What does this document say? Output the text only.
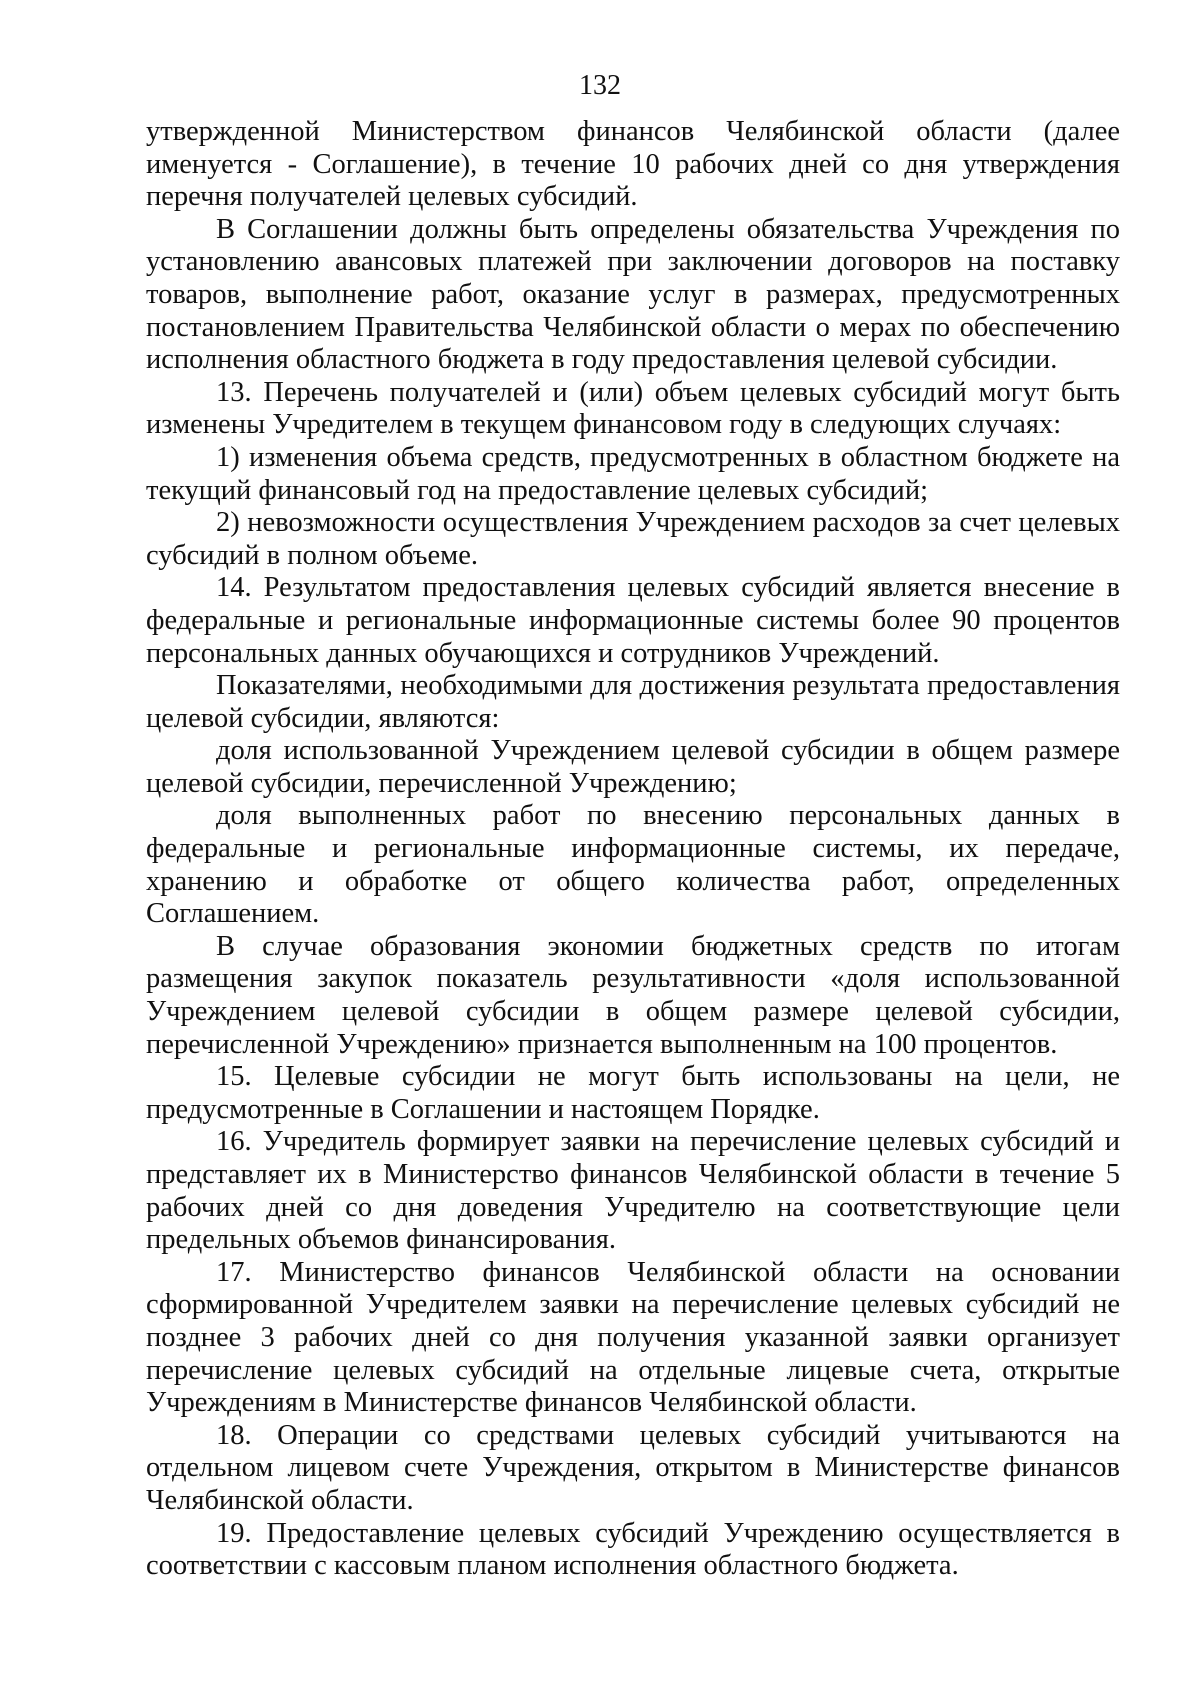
132

утвержденной Министерством финансов Челябинской области (далее именуется - Соглашение), в течение 10 рабочих дней со дня утверждения перечня получателей целевых субсидий.

В Соглашении должны быть определены обязательства Учреждения по установлению авансовых платежей при заключении договоров на поставку товаров, выполнение работ, оказание услуг в размерах, предусмотренных постановлением Правительства Челябинской области о мерах по обеспечению исполнения областного бюджета в году предоставления целевой субсидии.

13. Перечень получателей и (или) объем целевых субсидий могут быть изменены Учредителем в текущем финансовом году в следующих случаях:

1) изменения объема средств, предусмотренных в областном бюджете на текущий финансовый год на предоставление целевых субсидий;

2) невозможности осуществления Учреждением расходов за счет целевых субсидий в полном объеме.

14. Результатом предоставления целевых субсидий является внесение в федеральные и региональные информационные системы более 90 процентов персональных данных обучающихся и сотрудников Учреждений.

Показателями, необходимыми для достижения результата предоставления целевой субсидии, являются:

доля использованной Учреждением целевой субсидии в общем размере целевой субсидии, перечисленной Учреждению;

доля выполненных работ по внесению персональных данных в федеральные и региональные информационные системы, их передаче, хранению и обработке от общего количества работ, определенных Соглашением.

В случае образования экономии бюджетных средств по итогам размещения закупок показатель результативности «доля использованной Учреждением целевой субсидии в общем размере целевой субсидии, перечисленной Учреждению» признается выполненным на 100 процентов.

15. Целевые субсидии не могут быть использованы на цели, не предусмотренные в Соглашении и настоящем Порядке.

16. Учредитель формирует заявки на перечисление целевых субсидий и представляет их в Министерство финансов Челябинской области в течение 5 рабочих дней со дня доведения Учредителю на соответствующие цели предельных объемов финансирования.

17. Министерство финансов Челябинской области на основании сформированной Учредителем заявки на перечисление целевых субсидий не позднее 3 рабочих дней со дня получения указанной заявки организует перечисление целевых субсидий на отдельные лицевые счета, открытые Учреждениям в Министерстве финансов Челябинской области.

18. Операции со средствами целевых субсидий учитываются на отдельном лицевом счете Учреждения, открытом в Министерстве финансов Челябинской области.

19. Предоставление целевых субсидий Учреждению осуществляется в соответствии с кассовым планом исполнения областного бюджета.
